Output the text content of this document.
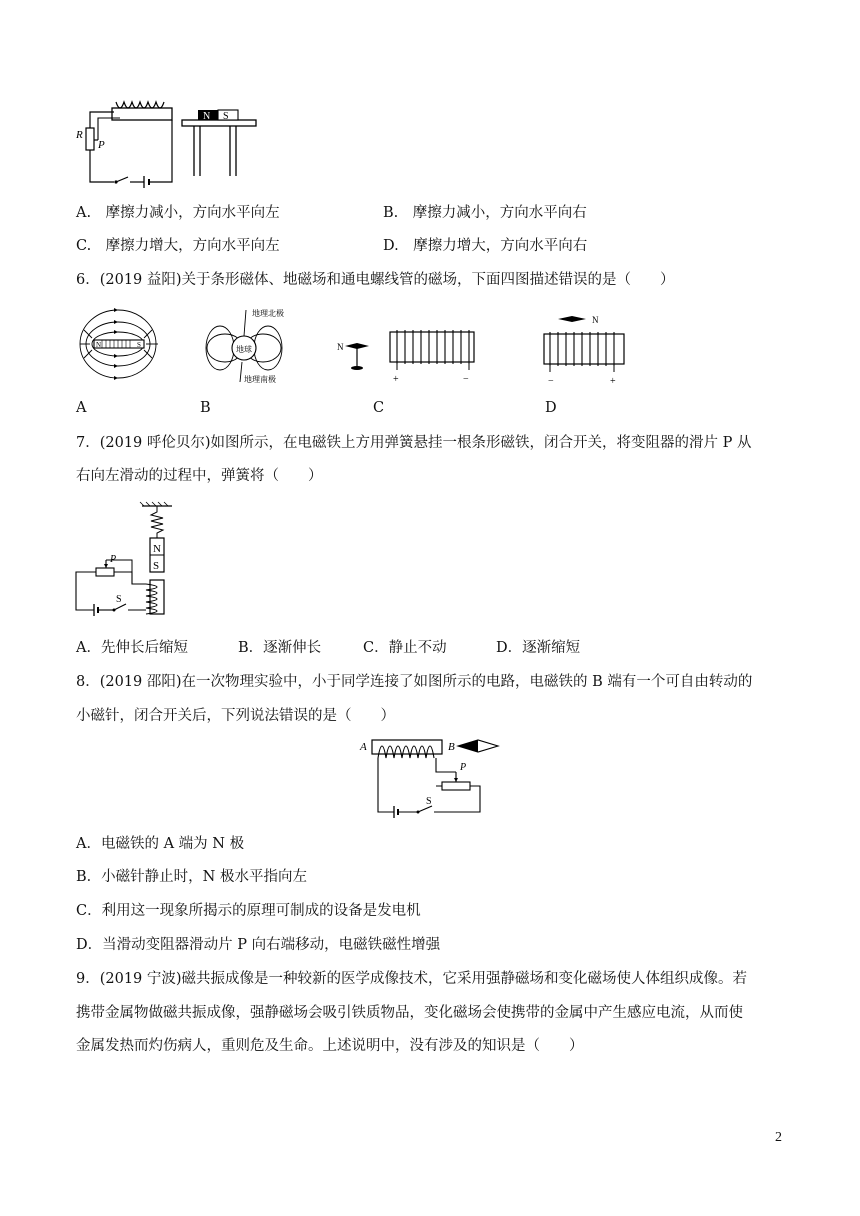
R
P
N S
A.　摩擦力减小，方向水平向左	B.　摩擦力减小，方向水平向右
C.　摩擦力增大，方向水平向左	D.　摩擦力增大，方向水平向右
6．(2019 益阳)关于条形磁体、地磁场和通电螺线管的磁场，下面四图描述错误的是（　　）
N	S	地球
地理北极
地理南极
N
+	−
N
−	+
A	B	C	D
7．(2019 呼伦贝尔)如图所示，在电磁铁上方用弹簧悬挂一根条形磁铁，闭合开关，将变阻器的滑片 P 从
右向左滑动的过程中，弹簧将（　　）
N
S
P
S
A．先伸长后缩短	B．逐渐伸长	C．静止不动	D．逐渐缩短
8．(2019 邵阳)在一次物理实验中，小于同学连接了如图所示的电路，电磁铁的 B 端有一个可自由转动的
小磁针，闭合开关后，下列说法错误的是（　　）
A	B
S
P
A．电磁铁的 A 端为 N 极
B．小磁针静止时，N 极水平指向左
C．利用这一现象所揭示的原理可制成的设备是发电机
D．当滑动变阻器滑动片 P 向右端移动，电磁铁磁性增强
9．(2019 宁波)磁共振成像是一种较新的医学成像技术，它采用强静磁场和变化磁场使人体组织成像。若
携带金属物做磁共振成像，强静磁场会吸引铁质物品，变化磁场会使携带的金属中产生感应电流，从而使
金属发热而灼伤病人，重则危及生命。上述说明中，没有涉及的知识是（　　）
2
